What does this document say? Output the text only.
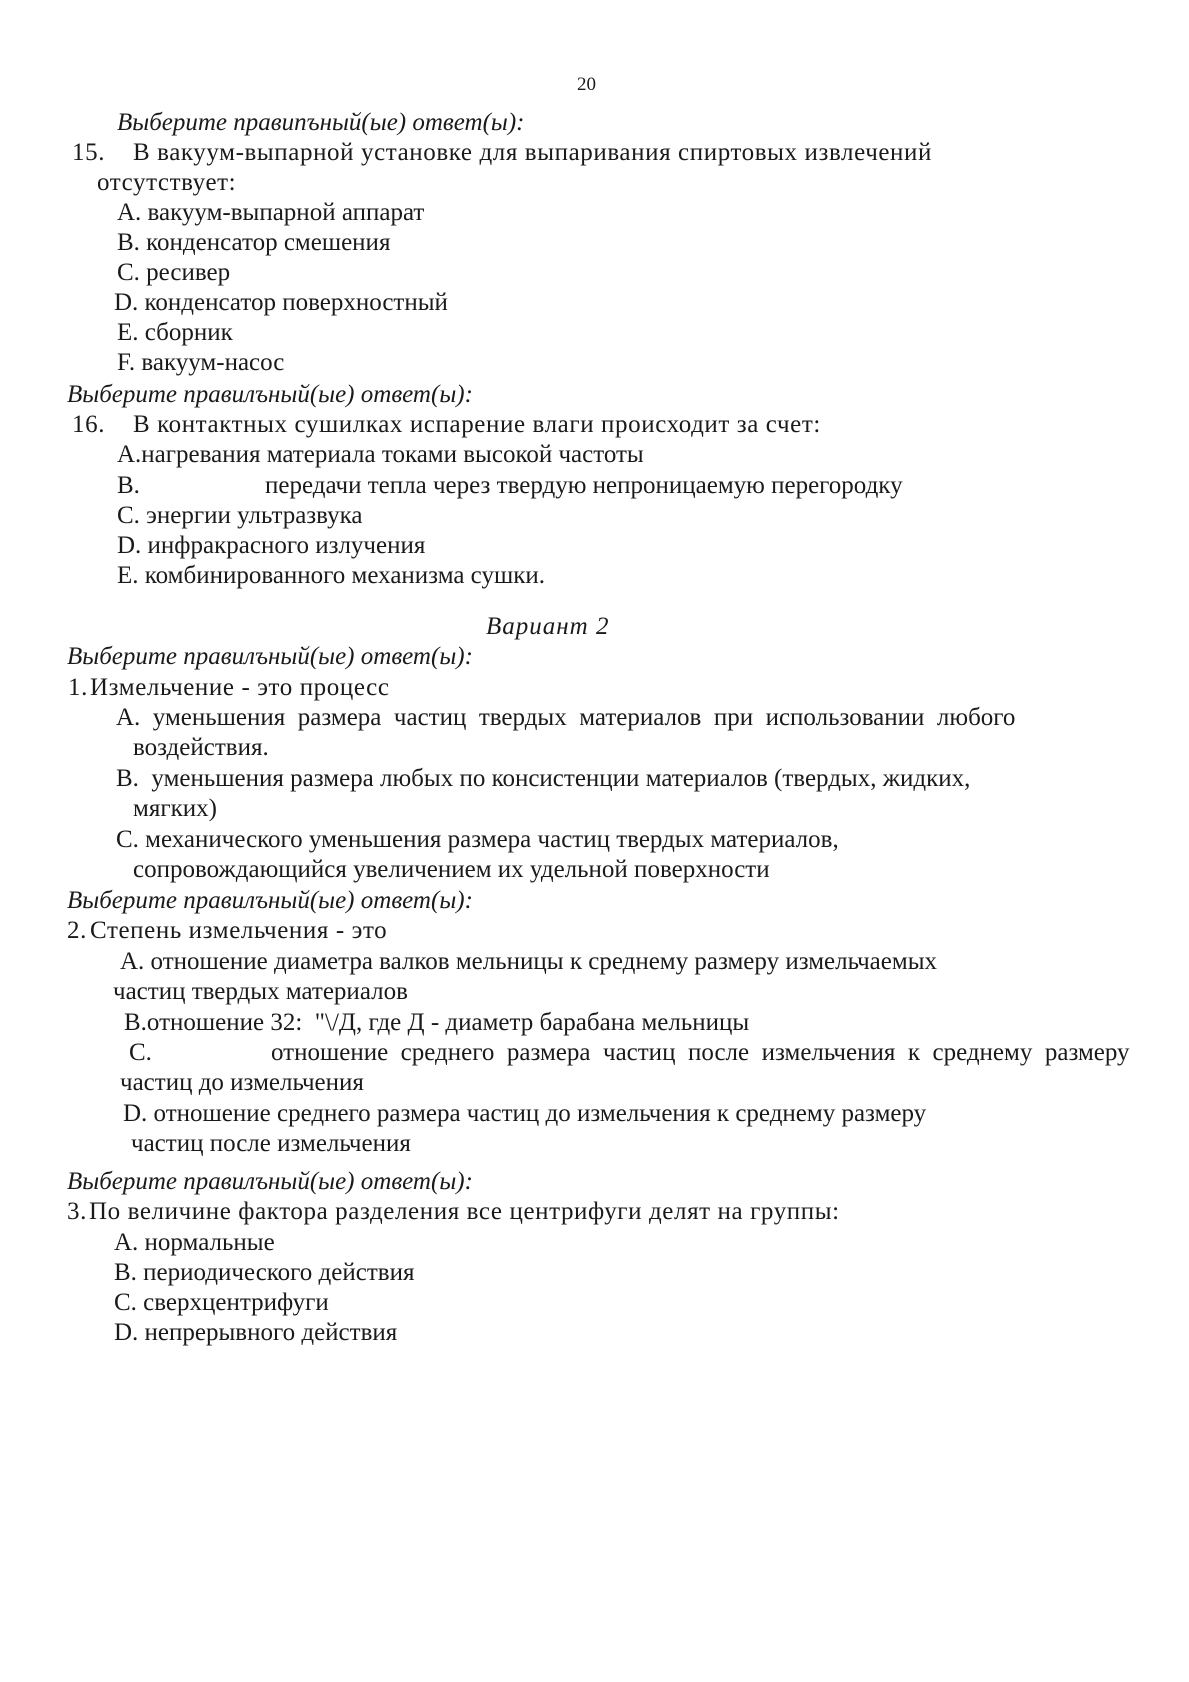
20
Выберите правипъный(ые) ответ(ы):
15. В вакуум-выпарной установке для выпаривания спиртовых извлечений
отсутствует:
А. вакуум-выпарной аппарат
В. конденсатор смешения
С. ресивер
D. конденсатор поверхностный
Е. сборник
F. вакуум-насос
Выберите правилъный(ые) ответ(ы):
16. В контактных сушилках испарение влаги происходит за счет:
А.нагревания материала токами высокой частоты
В.	передачи тепла через твердую непроницаемую перегородку
С. энергии ультразвука
D. инфракрасного излучения
Е. комбинированного механизма сушки.
Вариант 2
Выберите правилъный(ые) ответ(ы):
1. Измельчение - это процесс
А.  уменьшения  размера  частиц  твердых  материалов  при  использовании  любого
воздействия.
В.  уменьшения размера любых по консистенции материалов (твердых, жидких,
мягких)
С. механического уменьшения размера частиц твердых материалов,
сопровождающийся увеличением их удельной поверхности
Выберите правилъный(ые) ответ(ы):
2. Степень измельчения - это
А. отношение диаметра валков мельницы к среднему размеру измельчаемых
частиц твердых материалов
В.отношение 32:  "\/Д, где Д - диаметр барабана мельницы
С.	отношение  среднего  размера  частиц  после  измельчения  к  среднему  размеру
частиц до измельчения
D. отношение среднего размера частиц до измельчения к среднему размеру
частиц после измельчения
Выберите правилъный(ые) ответ(ы):
3. По величине фактора разделения все центрифуги делят на группы:
А. нормальные
В. периодического действия
С. сверхцентрифуги
D. непрерывного действия
